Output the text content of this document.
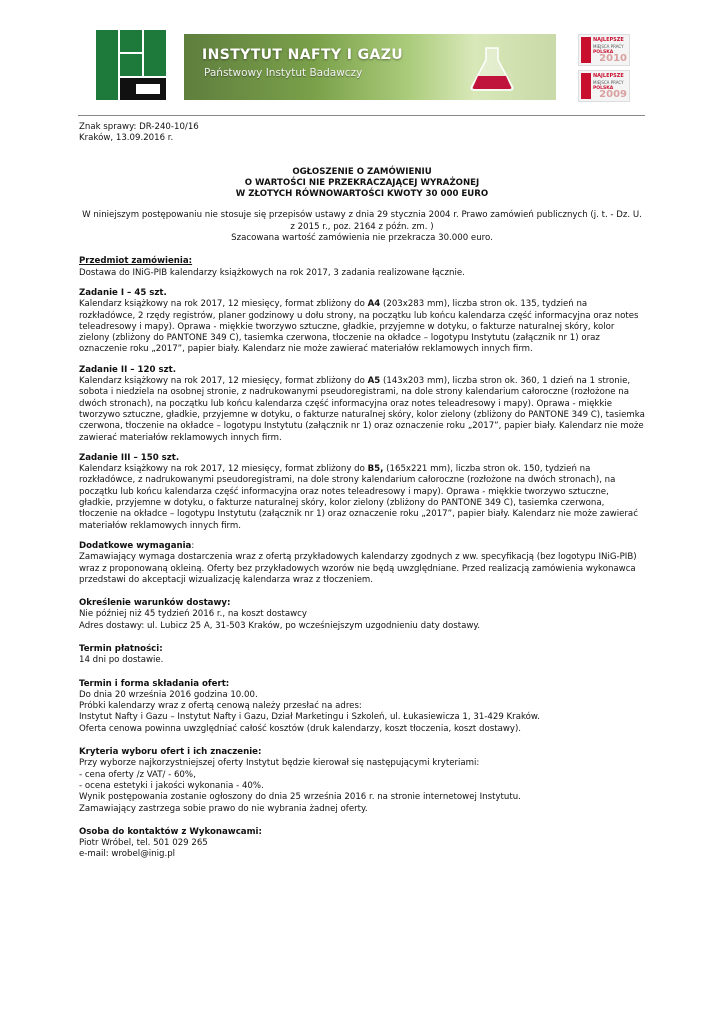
INSTYTUT NAFTY I GAZU
Państwowy Instytut Badawczy
NAJLEPSZE
MIEJSCA PRACY
POLSKA
2010
NAJLEPSZE
MIEJSCA PRACY
POLSKA
2009
Znak sprawy: DR-240-10/16
Kraków, 13.09.2016 r.
OGŁOSZENIE O ZAMÓWIENIU
O WARTOŚCI NIE PRZEKRACZAJĄCEJ WYRAŻONEJ
W ZŁOTYCH RÓWNOWARTOŚCI KWOTY 30 000 EURO
W niniejszym postępowaniu nie stosuje się przepisów ustawy z dnia 29 stycznia 2004 r. Prawo zamówień publicznych (j. t. - Dz. U.
z 2015 r., poz. 2164 z późn. zm. )
Szacowana wartość zamówienia nie przekracza 30.000 euro.
Przedmiot zamówienia:

Dostawa do INiG-PIB kalendarzy książkowych na rok 2017, 3 zadania realizowane łącznie.

Zadanie I – 45 szt.

Kalendarz książkowy na rok 2017, 12 miesięcy, format zbliżony do A4 (203x283 mm), liczba stron ok. 135, tydzień na rozkładówce, 2 rzędy registrów, planer godzinowy u dołu strony, na początku lub końcu kalendarza część informacyjna oraz notes teleadresowy i mapy). Oprawa - miękkie tworzywo sztuczne, gładkie, przyjemne w dotyku, o fakturze naturalnej skóry, kolor zielony (zbliżony do PANTONE 349 C), tasiemka czerwona, tłoczenie na okładce – logotypu Instytutu (załącznik nr 1) oraz oznaczenie roku „2017”, papier biały. Kalendarz nie może zawierać materiałów reklamowych innych firm.

Zadanie II – 120 szt.

Kalendarz książkowy na rok 2017, 12 miesięcy, format zbliżony do A5 (143x203 mm), liczba stron ok. 360, 1 dzień na 1 stronie, sobota i niedziela na osobnej stronie, z nadrukowanymi pseudoregistrami, na dole strony kalendarium całoroczne (rozłożone na dwóch stronach), na początku lub końcu kalendarza część informacyjna oraz notes teleadresowy i mapy). Oprawa - miękkie tworzywo sztuczne, gładkie, przyjemne w dotyku, o fakturze naturalnej skóry, kolor zielony (zbliżony do PANTONE 349 C), tasiemka czerwona, tłoczenie na okładce – logotypu Instytutu (załącznik nr 1) oraz oznaczenie roku „2017”, papier biały. Kalendarz nie może zawierać materiałów reklamowych innych firm.

Zadanie III – 150 szt.

Kalendarz książkowy na rok 2017, 12 miesięcy, format zbliżony do B5, (165x221 mm), liczba stron ok. 150, tydzień na rozkładówce, z nadrukowanymi pseudoregistrami, na dole strony kalendarium całoroczne (rozłożone na dwóch stronach), na początku lub końcu kalendarza część informacyjna oraz notes teleadresowy i mapy). Oprawa - miękkie tworzywo sztuczne, gładkie, przyjemne w dotyku, o fakturze naturalnej skóry, kolor zielony (zbliżony do PANTONE 349 C), tasiemka czerwona, tłoczenie na okładce – logotypu Instytutu (załącznik nr 1) oraz oznaczenie roku „2017”, papier biały. Kalendarz nie może zawierać materiałów reklamowych innych firm.

Dodatkowe wymagania:

Zamawiający wymaga dostarczenia wraz z ofertą przykładowych kalendarzy zgodnych z ww. specyfikacją (bez logotypu INiG-PIB) wraz z proponowaną okleiną. Oferty bez przykładowych wzorów nie będą uwzględniane. Przed realizacją zamówienia wykonawca przedstawi do akceptacji wizualizację kalendarza wraz z tłoczeniem.

Określenie warunków dostawy:
Nie później niż 45 tydzień 2016 r., na koszt dostawcy
Adres dostawy: ul. Lubicz 25 A, 31-503 Kraków, po wcześniejszym uzgodnieniu daty dostawy.
Termin płatności:
14 dni po dostawie.
Termin i forma składania ofert:
Do dnia 20 września 2016 godzina 10.00.
Próbki kalendarzy wraz z ofertą cenową należy przesłać na adres:
Instytut Nafty i Gazu – Instytut Nafty i Gazu, Dział Marketingu i Szkoleń, ul. Łukasiewicza 1, 31-429 Kraków.
Oferta cenowa powinna uwzględniać całość kosztów (druk kalendarzy, koszt tłoczenia, koszt dostawy).
Kryteria wyboru ofert i ich znaczenie:
Przy wyborze najkorzystniejszej oferty Instytut będzie kierował się następującymi kryteriami:
- cena oferty /z VAT/ - 60%,
- ocena estetyki i jakości wykonania - 40%.
Wynik postępowania zostanie ogłoszony do dnia 25 września 2016 r. na stronie internetowej Instytutu.
Zamawiający zastrzega sobie prawo do nie wybrania żadnej oferty.
Osoba do kontaktów z Wykonawcami:
Piotr Wróbel, tel. 501 029 265
e-mail: wrobel@inig.pl
